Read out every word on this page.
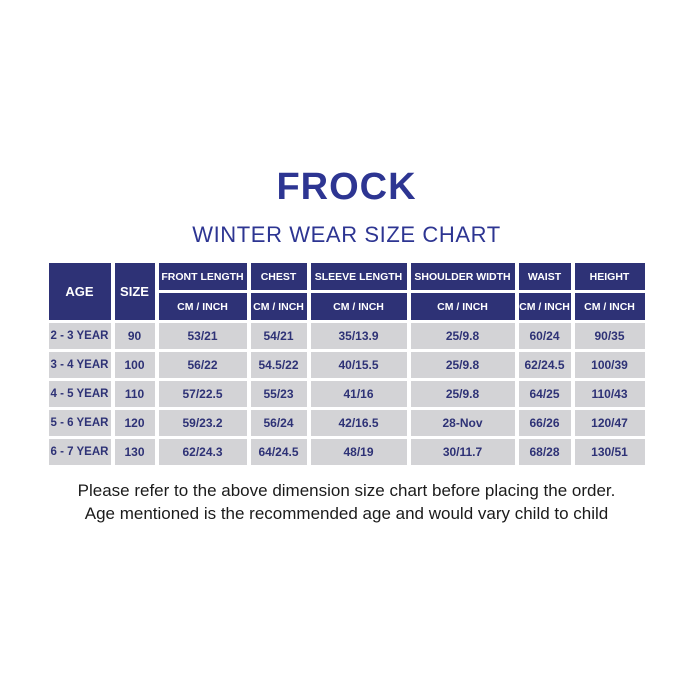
FROCK
WINTER WEAR SIZE CHART
AGE	SIZE
FRONT LENGTH	CHEST	SLEEVE LENGTH	SHOULDER WIDTH	WAIST	HEIGHT
CM / INCH	CM / INCH	CM / INCH	CM / INCH	CM / INCH	CM / INCH
2 - 3 YEAR	90	53/21	54/21	35/13.9	25/9.8	60/24	90/35
3 - 4 YEAR	100	56/22	54.5/22	40/15.5	25/9.8	62/24.5	100/39
4 - 5 YEAR	110	57/22.5	55/23	41/16	25/9.8	64/25	110/43
5 - 6 YEAR	120	59/23.2	56/24	42/16.5	28-Nov	66/26	120/47
6 - 7 YEAR	130	62/24.3	64/24.5	48/19	30/11.7	68/28	130/51
Please refer to the above dimension size chart before placing the order.
Age mentioned is the recommended age and would vary child to child
